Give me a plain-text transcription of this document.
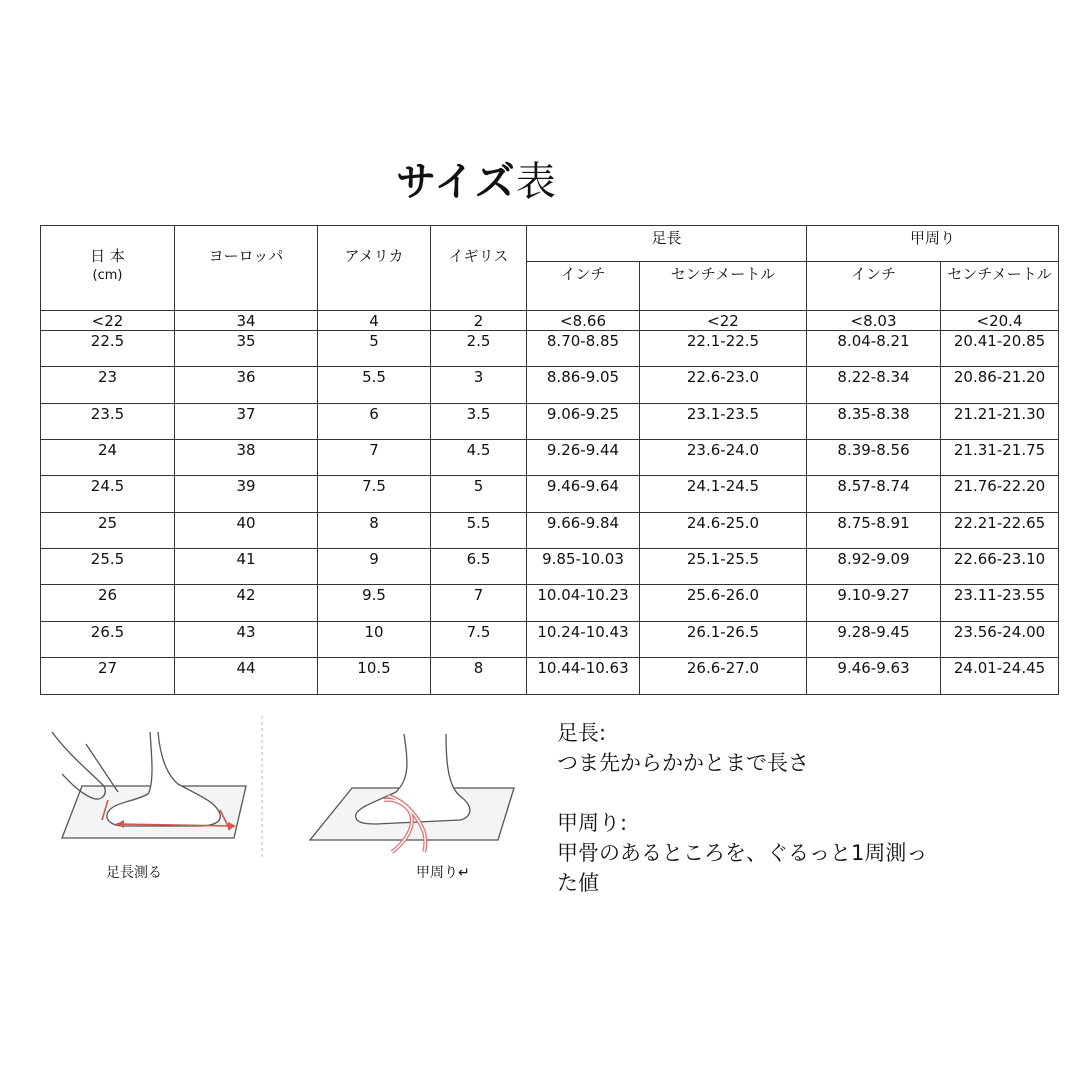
サイズ表
日 本
(cm)	ヨーロッパ	アメリカ	イギリス	足長		甲周り	
				インチ	センチメートル	インチ	センチメートル
<22	34	4	2	<8.66	<22	<8.03	<20.4
22.5	35	5	2.5	8.70-8.85	22.1-22.5	8.04-8.21	20.41-20.85
23	36	5.5	3	8.86-9.05	22.6-23.0	8.22-8.34	20.86-21.20
23.5	37	6	3.5	9.06-9.25	23.1-23.5	8.35-8.38	21.21-21.30
24	38	7	4.5	9.26-9.44	23.6-24.0	8.39-8.56	21.31-21.75
24.5	39	7.5	5	9.46-9.64	24.1-24.5	8.57-8.74	21.76-22.20
25	40	8	5.5	9.66-9.84	24.6-25.0	8.75-8.91	22.21-22.65
25.5	41	9	6.5	9.85-10.03	25.1-25.5	8.92-9.09	22.66-23.10
26	42	9.5	7	10.04-10.23	25.6-26.0	9.10-9.27	23.11-23.55
26.5	43	10	7.5	10.24-10.43	26.1-26.5	9.28-9.45	23.56-24.00
27	44	10.5	8	10.44-10.63	26.6-27.0	9.46-9.63	24.01-24.45
足長測る	甲周り↵

足長:
つま先からかかとまで長さ

甲周り:
甲骨のあるところを、ぐるっと1周測っ
た値
